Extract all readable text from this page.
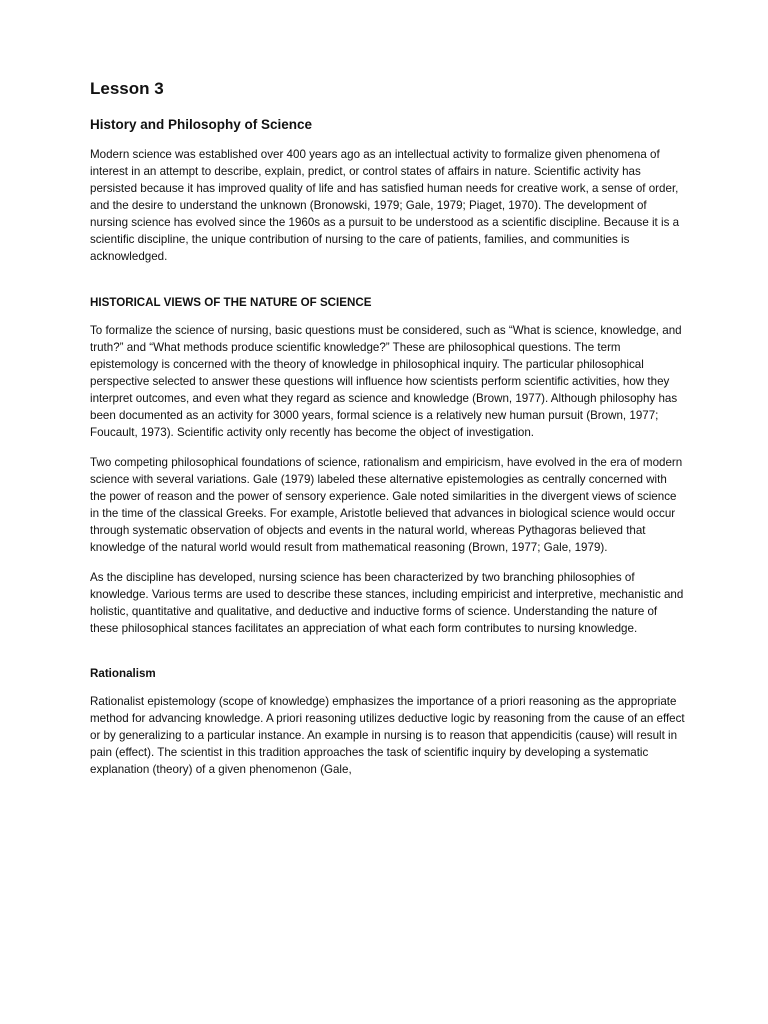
Lesson 3
History and Philosophy of Science

Modern science was established over 400 years ago as an intellectual activity to formalize given phenomena of interest in an attempt to describe, explain, predict, or control states of affairs in nature. Scientific activity has persisted because it has improved quality of life and has satisfied human needs for creative work, a sense of order, and the desire to understand the unknown (Bronowski, 1979; Gale, 1979; Piaget, 1970). The development of nursing science has evolved since the 1960s as a pursuit to be understood as a scientific discipline. Because it is a scientific discipline, the unique contribution of nursing to the care of patients, families, and communities is acknowledged.

HISTORICAL VIEWS OF THE NATURE OF SCIENCE

To formalize the science of nursing, basic questions must be considered, such as “What is science, knowledge, and truth?” and “What methods produce scientific knowledge?” These are philosophical questions. The term epistemology is concerned with the theory of knowledge in philosophical inquiry. The particular philosophical perspective selected to answer these questions will influence how scientists perform scientific activities, how they interpret outcomes, and even what they regard as science and knowledge (Brown, 1977). Although philosophy has been documented as an activity for 3000 years, formal science is a relatively new human pursuit (Brown, 1977; Foucault, 1973). Scientific activity only recently has become the object of investigation.

Two competing philosophical foundations of science, rationalism and empiricism, have evolved in the era of modern science with several variations. Gale (1979) labeled these alternative epistemologies as centrally concerned with the power of reason and the power of sensory experience. Gale noted similarities in the divergent views of science in the time of the classical Greeks. For example, Aristotle believed that advances in biological science would occur through systematic observation of objects and events in the natural world, whereas Pythagoras believed that knowledge of the natural world would result from mathematical reasoning (Brown, 1977; Gale, 1979).

As the discipline has developed, nursing science has been characterized by two branching philosophies of knowledge. Various terms are used to describe these stances, including empiricist and interpretive, mechanistic and holistic, quantitative and qualitative, and deductive and inductive forms of science. Understanding the nature of these philosophical stances facilitates an appreciation of what each form contributes to nursing knowledge.

Rationalism

Rationalist epistemology (scope of knowledge) emphasizes the importance of a priori reasoning as the appropriate method for advancing knowledge. A priori reasoning utilizes deductive logic by reasoning from the cause of an effect or by generalizing to a particular instance. An example in nursing is to reason that appendicitis (cause) will result in pain (effect). The scientist in this tradition approaches the task of scientific inquiry by developing a systematic explanation (theory) of a given phenomenon (Gale,
